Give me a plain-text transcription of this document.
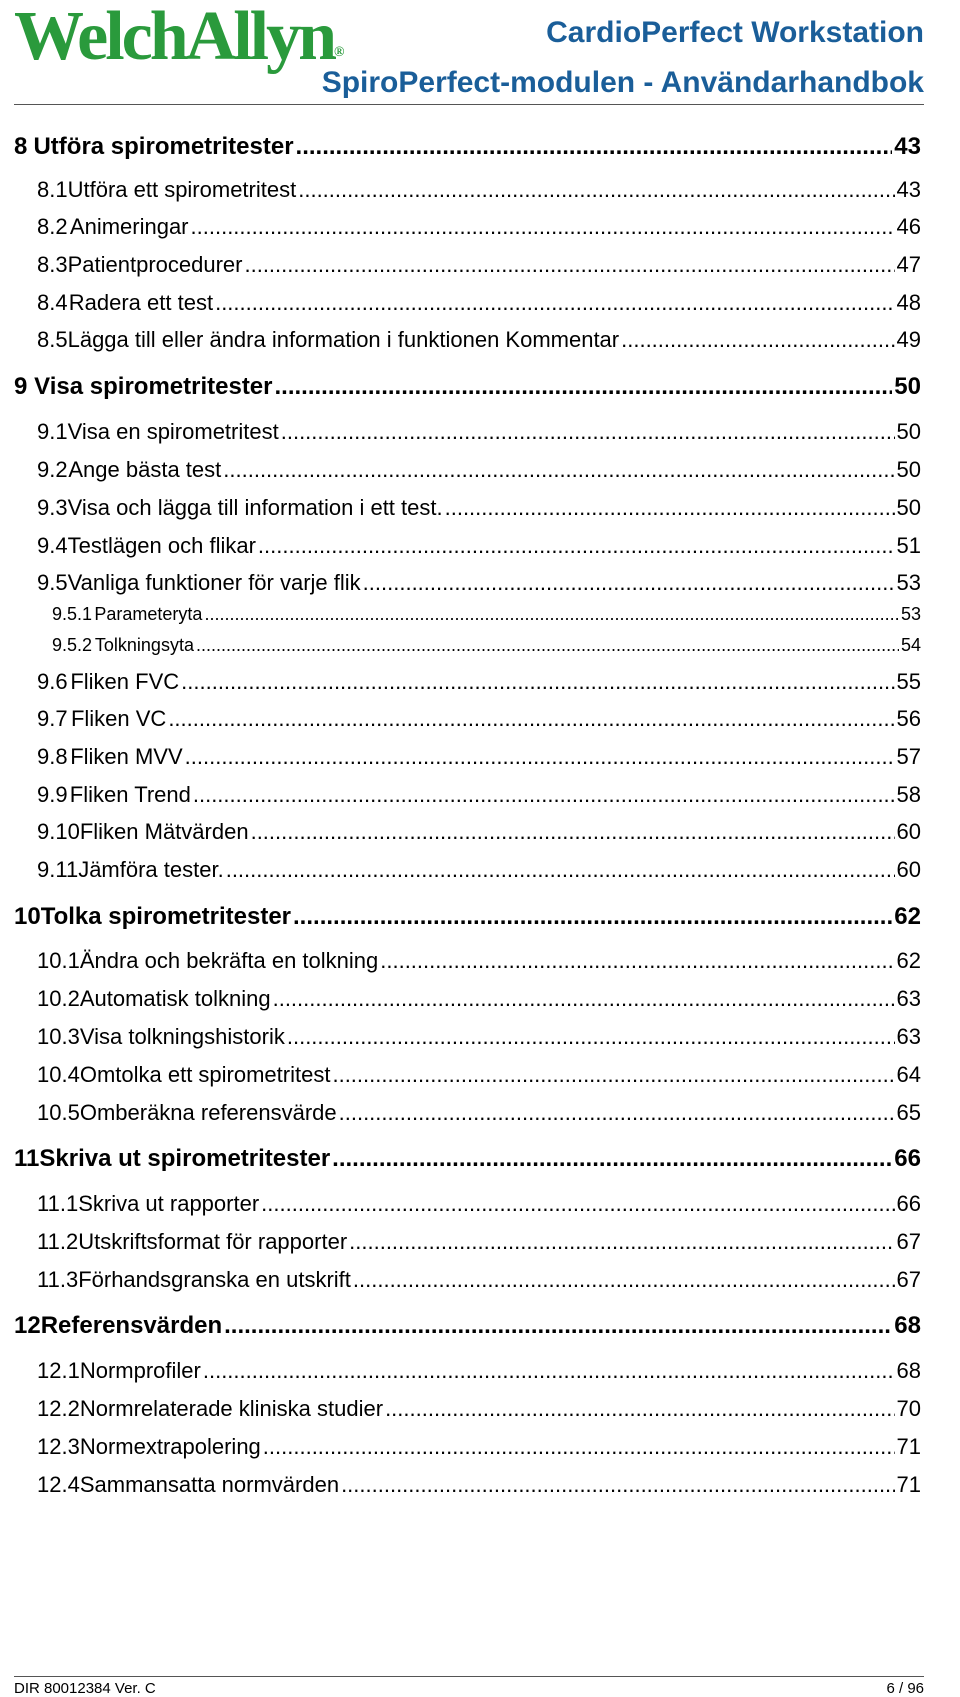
WelchAllyn®
CardioPerfect Workstation
SpiroPerfect-modulen - Användarhandbok
8 Utföra spirometritester .....	43
8.1 Utföra ett spirometritest .....	43
8.2 Animeringar .....	46
8.3 Patientprocedurer .....	47
8.4 Radera ett test .....	48
8.5 Lägga till eller ändra information i funktionen Kommentar .....	49
9 Visa spirometritester .....	50
9.1 Visa en spirometritest .....	50
9.2 Ange bästa test .....	50
9.3 Visa och lägga till information i ett test. .....	50
9.4 Testlägen och flikar .....	51
9.5 Vanliga funktioner för varje flik .....	53
9.5.1 Parameteryta .....	53
9.5.2 Tolkningsyta .....	54
9.6 Fliken FVC .....	55
9.7 Fliken VC .....	56
9.8 Fliken MVV .....	57
9.9 Fliken Trend .....	58
9.10 Fliken Mätvärden .....	60
9.11 Jämföra tester. .....	60
10 Tolka spirometritester .....	62
10.1 Ändra och bekräfta en tolkning .....	62
10.2 Automatisk tolkning .....	63
10.3 Visa tolkningshistorik .....	63
10.4 Omtolka ett spirometritest .....	64
10.5 Omberäkna referensvärde .....	65
11 Skriva ut spirometritester .....	66
11.1 Skriva ut rapporter .....	66
11.2 Utskriftsformat för rapporter .....	67
11.3 Förhandsgranska en utskrift .....	67
12 Referensvärden .....	68
12.1 Normprofiler .....	68
12.2 Normrelaterade kliniska studier .....	70
12.3 Normextrapolering .....	71
12.4 Sammansatta normvärden .....	71
DIR 80012384 Ver. C	6 / 96
